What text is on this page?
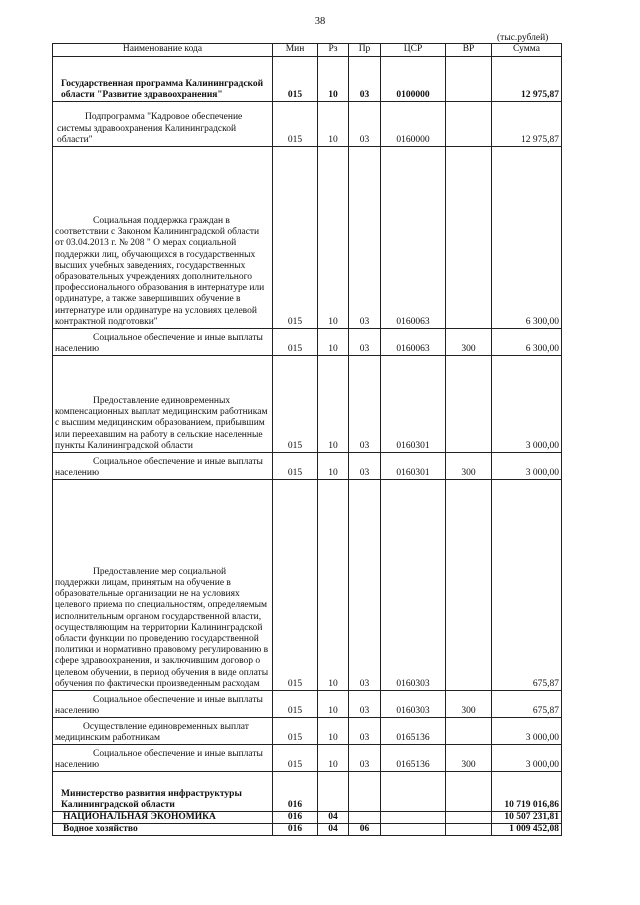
38
(тыс.рублей)
Наименование кода	Мин	Рз	Пр	ЦСР	ВР	Сумма
Государственная программа Калининградской области "Развитие здравоохранения"	015	10	03	0100000		12 975,87
Подпрограмма "Кадровое обеспечение системы здравоохранения Калининградской области"	015	10	03	0160000		12 975,87
Социальная поддержка граждан в соответствии с Законом Калининградской области от 03.04.2013 г. № 208 " О мерах социальной поддержки лиц, обучающихся в государственных высших учебных заведениях, государственных образовательных учреждениях дополнительного профессионального образования в интернатуре или ординатуре, а также завершивших обучение в интернатуре или ординатуре на условиях целевой контрактной подготовки"	015	10	03	0160063		6 300,00
Социальное обеспечение и иные выплаты населению	015	10	03	0160063	300	6 300,00
Предоставление единовременных компенсационных выплат медицинским работникам с высшим медицинским образованием, прибывшим или переехавшим на работу в сельские населенные пункты Калининградской области	015	10	03	0160301		3 000,00
Социальное обеспечение и иные выплаты населению	015	10	03	0160301	300	3 000,00
Предоставление мер социальной поддержки лицам, принятым на обучение в образовательные организации не на условиях целевого приема по специальностям, определяемым исполнительным органом государственной власти, осуществляющим на территории Калининградской области функции по проведению государственной политики и нормативно правовому регулированию в сфере здравоохранения, и заключившим договор о целевом обучении, в период обучения в виде оплаты обучения по фактически произведенным расходам	015	10	03	0160303		675,87
Социальное обеспечение и иные выплаты населению	015	10	03	0160303	300	675,87
Осуществление единовременных выплат медицинским работникам	015	10	03	0165136		3 000,00
Социальное обеспечение и иные выплаты населению	015	10	03	0165136	300	3 000,00
Министерство развития инфраструктуры Калининградской области	016					10 719 016,86
НАЦИОНАЛЬНАЯ ЭКОНОМИКА	016	04				10 507 231,81
Водное хозяйство	016	04	06			1 009 452,08
